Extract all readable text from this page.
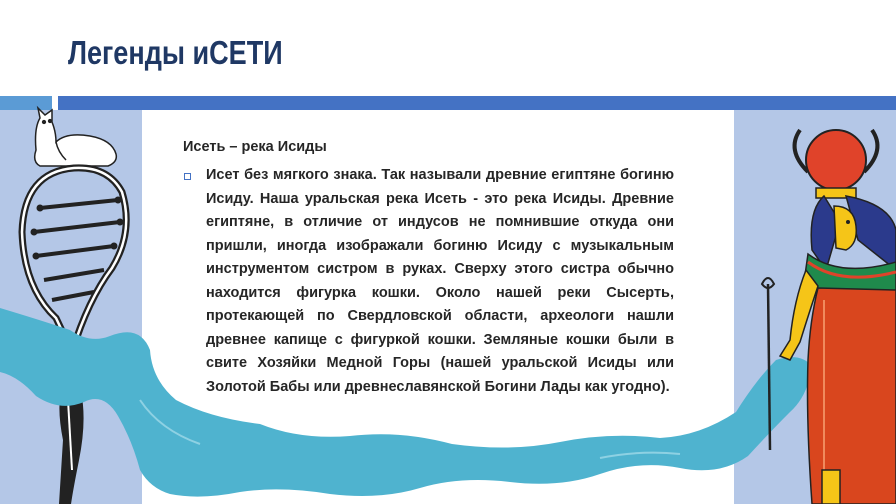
Легенды иСЕТИ
Исеть – река Исиды
Исет без мягкого знака. Так называли древние египтяне богиню Исиду. Наша уральская река Исеть - это река Исиды. Древние египтяне, в отличие от индусов не помнившие откуда они пришли, иногда изображали богиню Исиду с музыкальным инструментом систром в руках. Сверху этого систра обычно находится фигурка кошки. Около нашей реки Сысерть, протекающей по Свердловской области, археологи нашли древнее капище с фигуркой кошки. Земляные кошки были в свите Хозяйки Медной Горы (нашей уральской Исиды или Золотой Бабы или древнеславянской Богини Лады как угодно).
